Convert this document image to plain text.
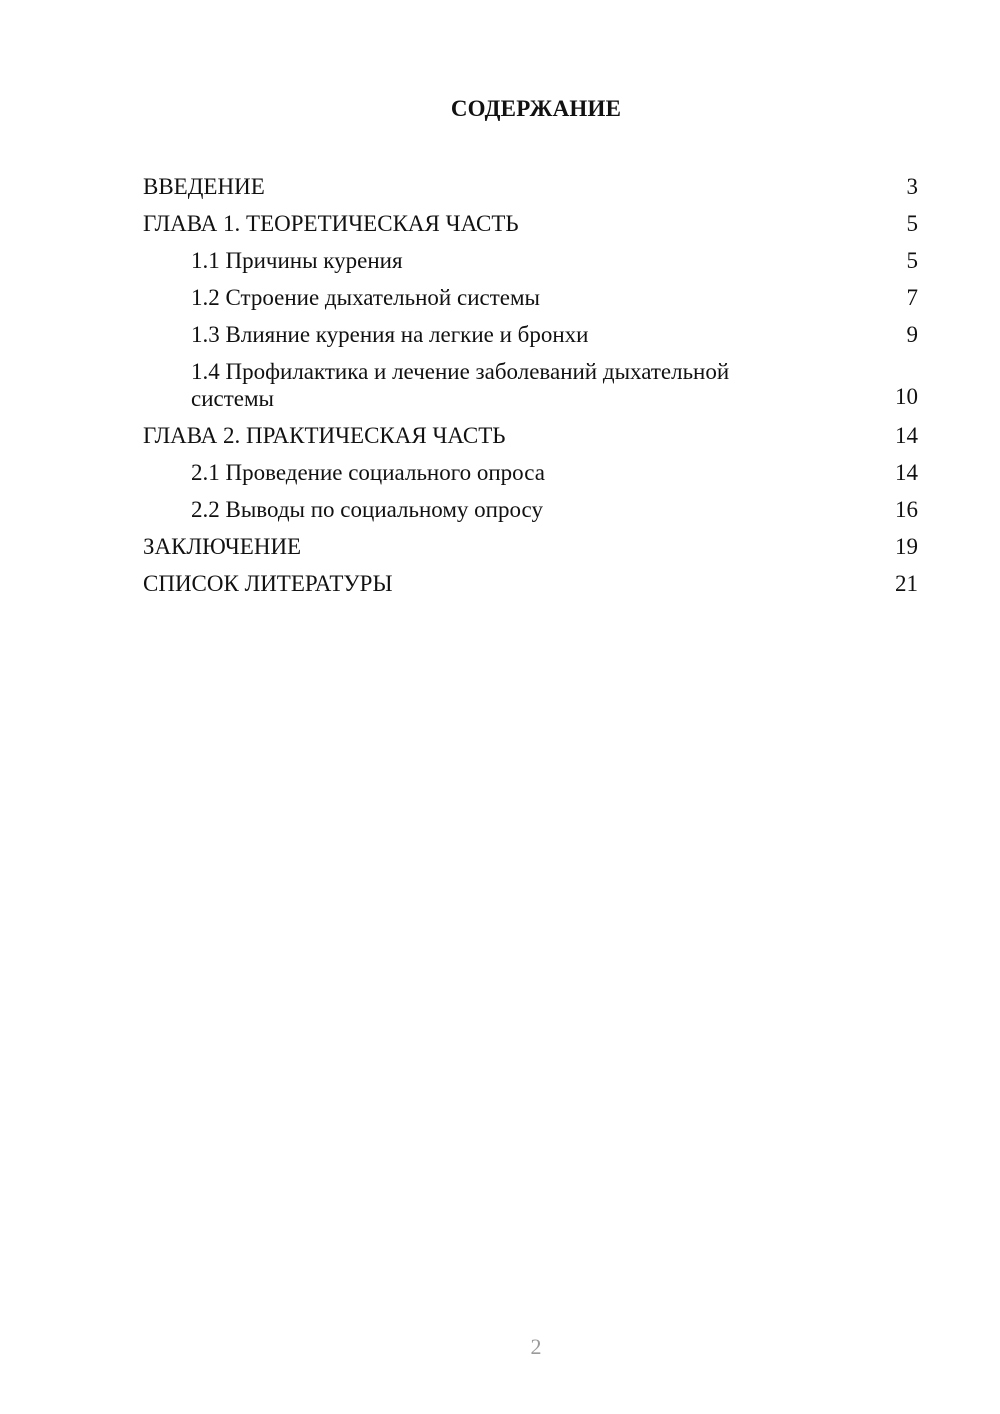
СОДЕРЖАНИЕ
ВВЕДЕНИЕ	3
ГЛАВА 1. ТЕОРЕТИЧЕСКАЯ ЧАСТЬ	5
1.1 Причины курения	5
1.2 Строение дыхательной системы	7
1.3 Влияние курения на легкие и бронхи	9
1.4 Профилактика и лечение заболеваний дыхательной системы	10
ГЛАВА 2. ПРАКТИЧЕСКАЯ ЧАСТЬ	14
2.1 Проведение социального опроса	14
2.2 Выводы по социальному опросу	16
ЗАКЛЮЧЕНИЕ	19
СПИСОК ЛИТЕРАТУРЫ	21
2
